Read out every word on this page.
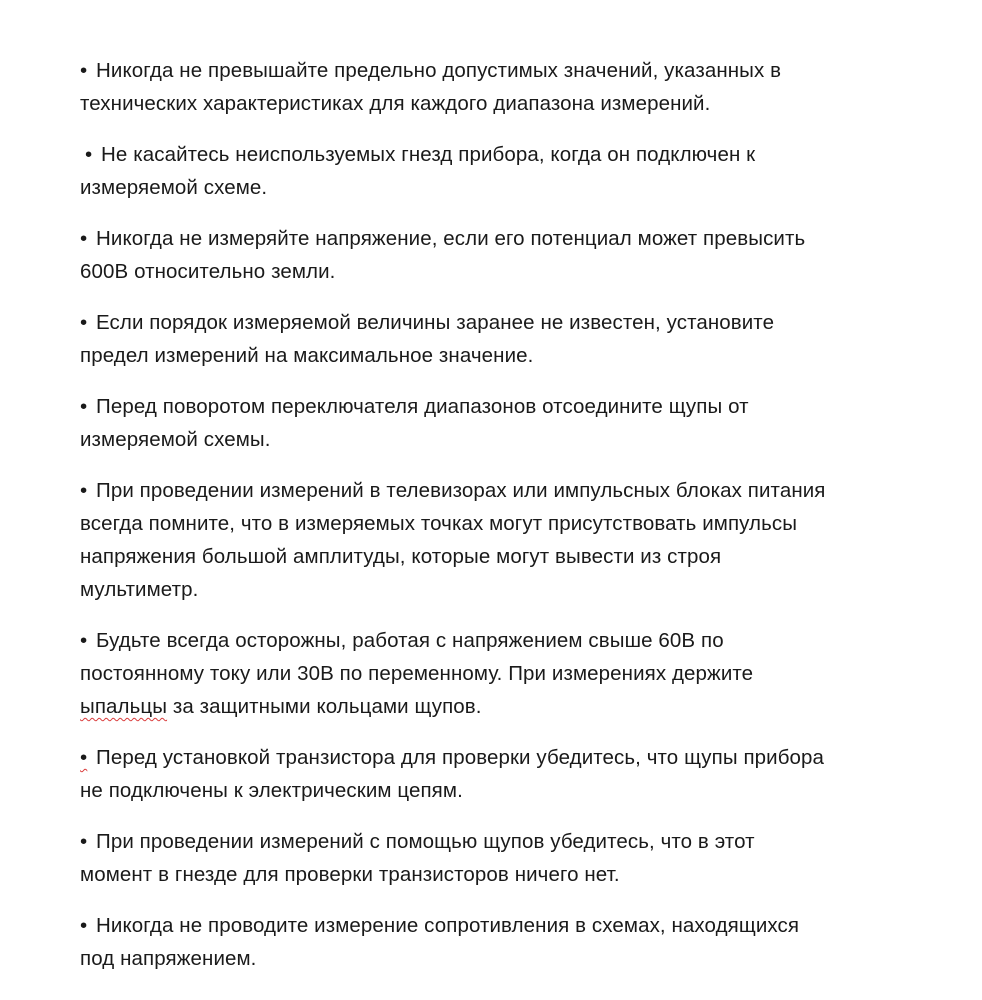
• Никогда не превышайте предельно допустимых значений, указанных в
технических характеристиках для каждого диапазона измерений.
• Не касайтесь неиспользуемых гнезд прибора, когда он подключен к
измеряемой схеме.
• Никогда не измеряйте напряжение, если его потенциал может превысить
600В относительно земли.
• Если порядок измеряемой величины заранее не известен, установите
предел измерений на максимальное значение.
• Перед поворотом переключателя диапазонов отсоедините щупы от
измеряемой схемы.
• При проведении измерений в телевизорах или импульсных блоках питания
всегда помните, что в измеряемых точках могут присутствовать импульсы
напряжения большой амплитуды, которые могут вывести из строя
мультиметр.
• Будьте всегда осторожны, работая с напряжением свыше 60В по
постоянному току или 30В по переменному. При измерениях держите
ыпальцы за защитными кольцами щупов.
• Перед установкой транзистора для проверки убедитесь, что щупы прибора
не подключены к электрическим цепям.
• При проведении измерений с помощью щупов убедитесь, что в этот
момент в гнезде для проверки транзисторов ничего нет.
• Никогда не проводите измерение сопротивления в схемах, находящихся
под напряжением.
